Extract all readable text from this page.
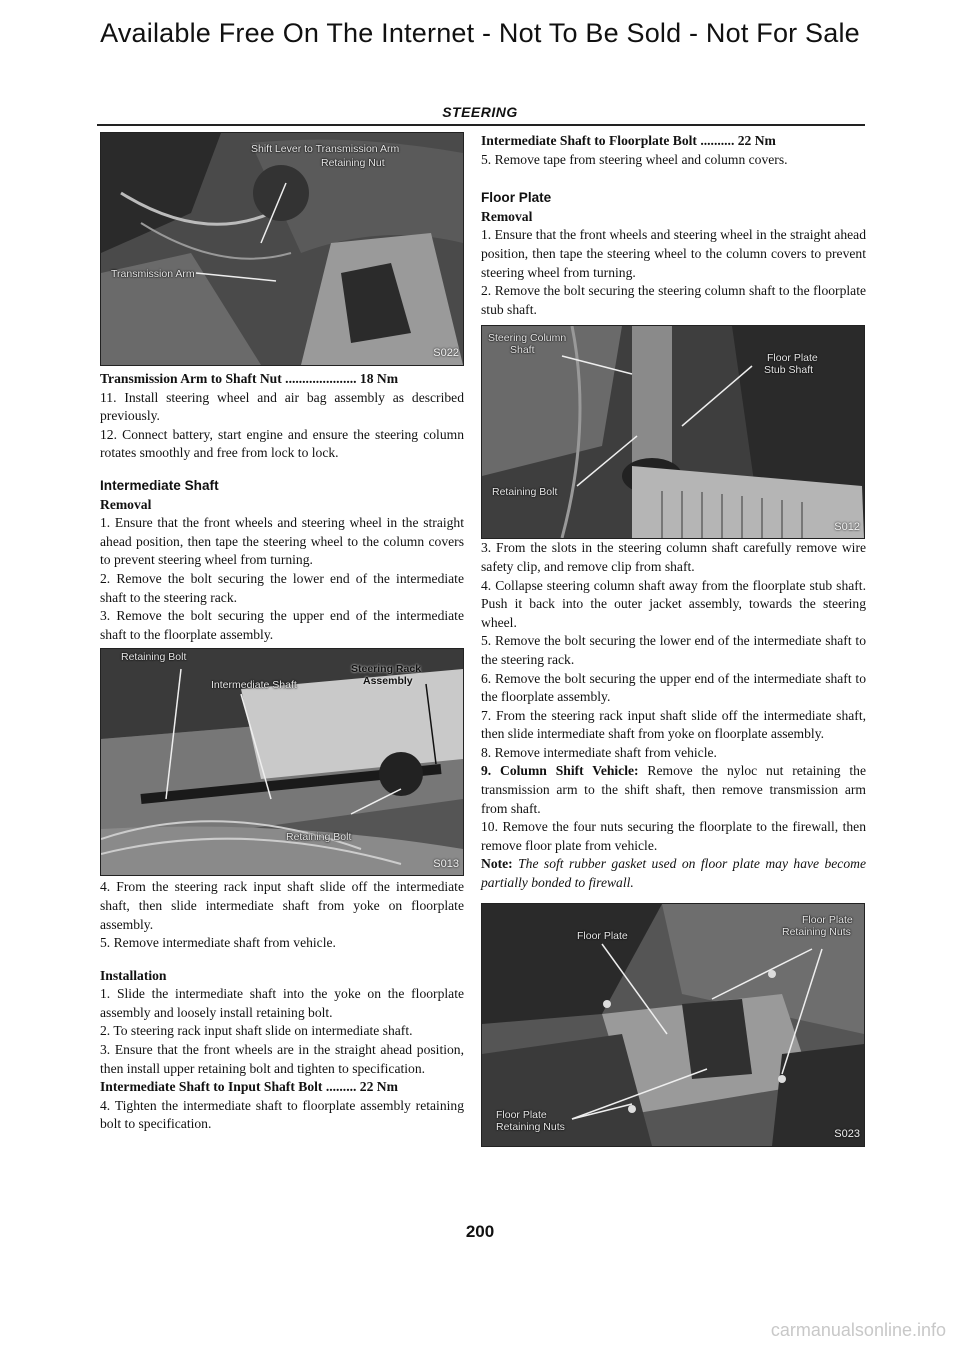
Available Free On The Internet - Not To Be Sold - Not For Sale
STEERING
Shift Lever to Transmission Arm
Retaining Nut
Transmission Arm
S022

Transmission Arm to Shaft Nut ..................... 18 Nm

11. Install steering wheel and air bag assembly as described previously.

12. Connect battery, start engine and ensure the steering column rotates smoothly and free from lock to lock.

Intermediate Shaft

Removal

1. Ensure that the front wheels and steering wheel in the straight ahead position, then tape the steering wheel to the column covers to prevent steering wheel from turning.

2. Remove the bolt securing the lower end of the intermediate shaft to the steering rack.

3. Remove the bolt securing the upper end of the intermediate shaft to the floorplate assembly.

Retaining Bolt
Intermediate Shaft
Steering Rack
Assembly
Retaining Bolt
S013

4. From the steering rack input shaft slide off the intermediate shaft, then slide intermediate shaft from yoke on floorplate assembly.

5. Remove intermediate shaft from vehicle.

Installation

1. Slide the intermediate shaft into the yoke on the floorplate assembly and loosely install retaining bolt.

2. To steering rack input shaft slide on intermediate shaft.

3. Ensure that the front wheels are in the straight ahead position, then install upper retaining bolt and tighten to specification.

Intermediate Shaft to Input Shaft Bolt ......... 22 Nm

4. Tighten the intermediate shaft to floorplate assembly retaining bolt to specification.

Intermediate Shaft to Floorplate Bolt .......... 22 Nm

5. Remove tape from steering wheel and column covers.

Floor Plate

Removal

1. Ensure that the front wheels and steering wheel in the straight ahead position, then tape the steering wheel to the column covers to prevent steering wheel from turning.

2. Remove the bolt securing the steering column shaft to the floorplate stub shaft.

Steering Column
Shaft
Floor Plate
Stub Shaft
Retaining Bolt
S012

3. From the slots in the steering column shaft carefully remove wire safety clip, and remove clip from shaft.

4. Collapse steering column shaft away from the floorplate stub shaft. Push it back into the outer jacket assembly, towards the steering wheel.

5. Remove the bolt securing the lower end of the intermediate shaft to the steering rack.

6. Remove the bolt securing the upper end of the intermediate shaft to the floorplate assembly.

7. From the steering rack input shaft slide off the intermediate shaft, then slide intermediate shaft from yoke on floorplate assembly.

8. Remove intermediate shaft from vehicle.

9. Column Shift Vehicle: Remove the nyloc nut retaining the transmission arm to the shift shaft, then remove transmission arm from shaft.

10. Remove the four nuts securing the floorplate to the firewall, then remove floor plate from vehicle.

Note: The soft rubber gasket used on floor plate may have become partially bonded to firewall.

Floor Plate
Floor Plate
Retaining Nuts
Floor Plate
Retaining Nuts
S023
200
carmanualsonline.info
